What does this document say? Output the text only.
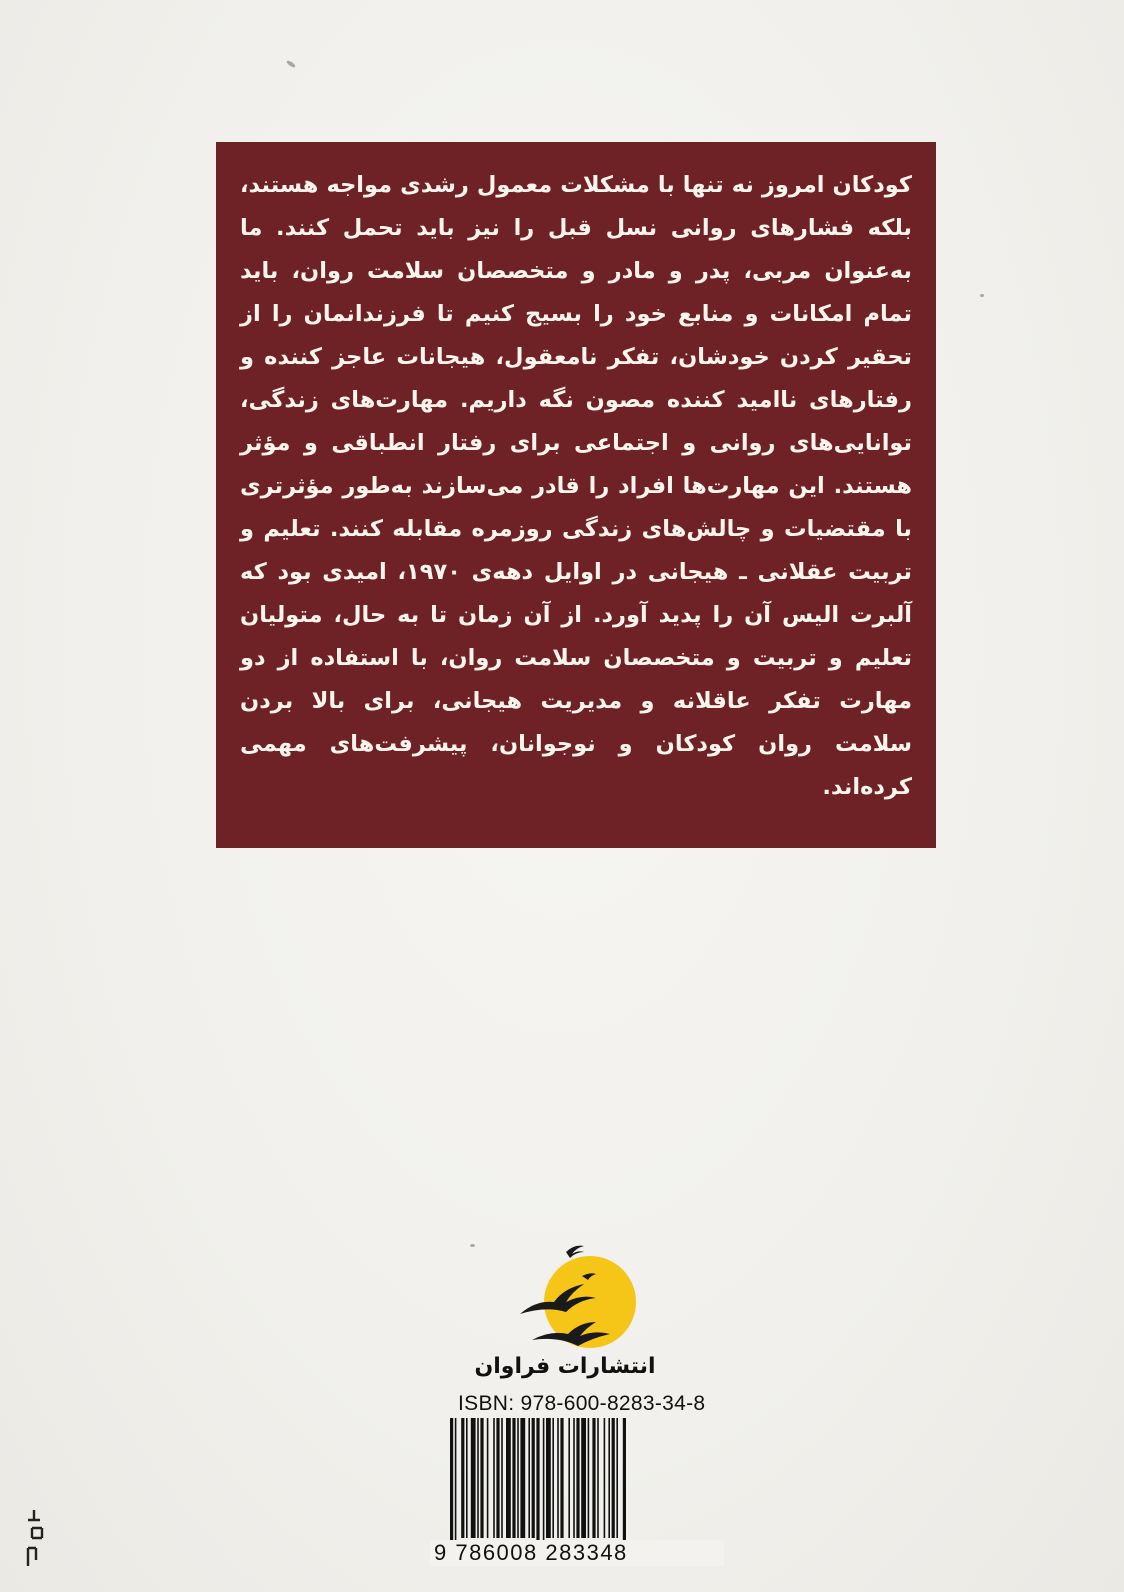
کودکان امروز نه تنها با مشکلات معمول رشدی مواجه هستند، بلکه فشارهای روانی نسل قبل را نیز باید تحمل کنند. ما به‌عنوان مربی، پدر و مادر و متخصصان سلامت روان، باید تمام امکانات و منابع خود را بسیج کنیم تا فرزندانمان را از تحقیر کردن خودشان، تفکر نامعقول، هیجانات عاجز کننده و رفتارهای ناامید کننده مصون نگه داریم. مهارت‌های زندگی، توانایی‌های روانی و اجتماعی برای رفتار انطباقی و مؤثر هستند. این مهارت‌ها افراد را قادر می‌سازند به‌طور مؤثرتری با مقتضیات و چالش‌های زندگی روزمره مقابله کنند. تعلیم و تربیت عقلانی ـ هیجانی در اوایل دهه‌ی ۱۹۷۰، امیدی بود که آلبرت الیس آن را پدید آورد. از آن زمان تا به حال، متولیان تعلیم و تربیت و متخصصان سلامت روان، با استفاده از دو مهارت تفکر عاقلانه و مدیریت هیجانی، برای بالا بردن سلامت روان کودکان و نوجوانان، پیشرفت‌های مهمی کرده‌اند.

انتشارات فراوان
ISBN: 978-600-8283-34-8
9 786008 283348
